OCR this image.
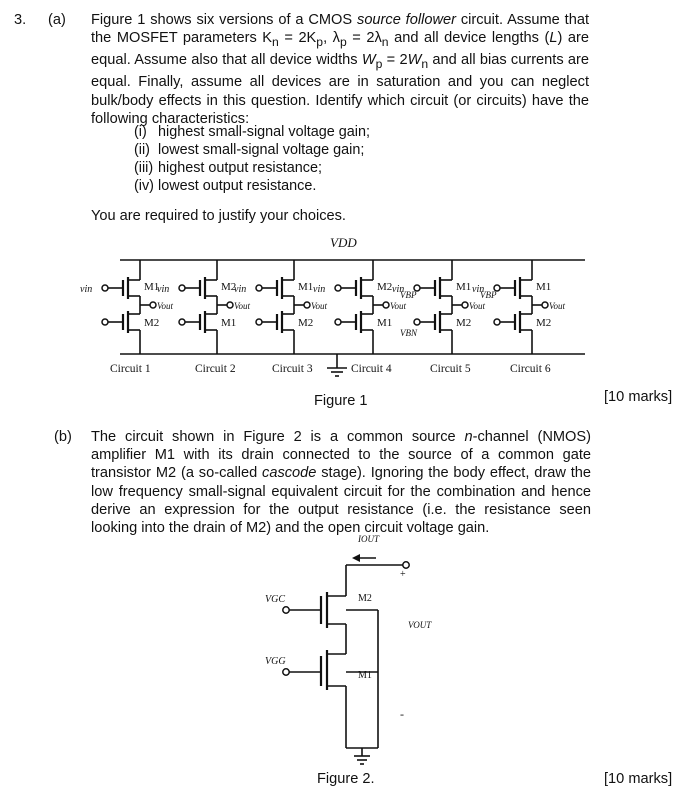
3. (a) Figure 1 shows six versions of a CMOS source follower circuit. Assume that the MOSFET parameters $K_n = 2K_p$, $\lambda_p = 2\lambda_n$ and all device lengths (L) are equal. Assume also that all device widths $W_p = 2W_n$ and all bias currents are equal. Finally, assume all devices are in saturation and you can neglect bulk/body effects in this question. Identify which circuit (or circuits) have the following characteristics:

(i) highest small-signal voltage gain;
(ii) lowest small-signal voltage gain;
(iii) highest output resistance;
(iv) lowest output resistance.
You are required to justify your choices.
VDD
Vout
M1
M2
vin
Circuit 1
Vout
M2
M1
vin
Circuit 2
Vout
M1
M2
vin
Circuit 3
Vout
M2
M1
vin
Circuit 4
Vout
M1
M2
vin
VBP
VBN
Circuit 5
Vout
M1
M2
vin
VBP
Circuit 6
IOUT
+
VOUT
-
VGC	M2
VGG
M1
Figure 1	[10 marks]
(b) The circuit shown in Figure 2 is a common source n-channel (NMOS) amplifier M1 with its drain connected to the source of a common gate transistor M2 (a so-called cascode stage). Ignoring the body effect, draw the low frequency small-signal equivalent circuit for the combination and hence derive an expression for the output resistance (i.e. the resistance seen looking into the drain of M2) and the open circuit voltage gain.

Figure 2.	[10 marks]
